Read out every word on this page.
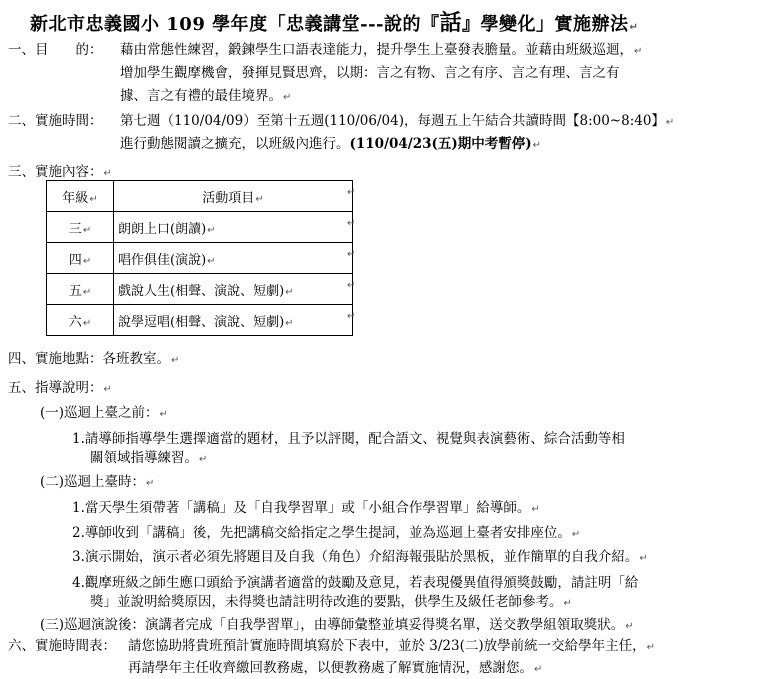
新北市忠義國小 109 學年度「忠義講堂---說的『話』學變化」實施辦法↵
一、目　　的： 藉由常態性練習，鍛鍊學生口語表達能力，提升學生上臺發表膽量。並藉由班級巡迴，↵
增加學生觀摩機會，發揮見賢思齊，以期：言之有物、言之有序、言之有理、言之有
據、言之有禮的最佳境界。↵
二、實施時間： 第七週（110/04/09）至第十五週(110/06/04)，每週五上午結合共讀時間【8:00~8:40】↵
進行動態閱讀之擴充，以班級內進行。(110/04/23(五)期中考暫停)↵
三、實施內容：↵
年級↵	活動項目↵
三↵	朗朗上口(朗讀)↵
四↵	唱作俱佳(演說)↵
五↵	戲說人生(相聲、演說、短劇)↵
六↵	說學逗唱(相聲、演說、短劇)↵
↵
↵
↵
↵
↵
四、實施地點：各班教室。↵
五、指導說明：↵
(一)巡迴上臺之前：↵
1.請導師指導學生選擇適當的題材，且予以評閱，配合語文、視覺與表演藝術、綜合活動等相
關領域指導練習。↵
(二)巡迴上臺時：↵
1.當天學生須帶著「講稿」及「自我學習單」或「小組合作學習單」給導師。↵
2.導師收到「講稿」後，先把講稿交給指定之學生提詞，並為巡迴上臺者安排座位。↵
3.演示開始，演示者必須先將題目及自我（角色）介紹海報張貼於黑板，並作簡單的自我介紹。↵
4.觀摩班級之師生應口頭給予演講者適當的鼓勵及意見，若表現優異值得頒獎鼓勵，請註明「給
獎」並說明給獎原因，未得獎也請註明待改進的要點，供學生及級任老師參考。↵
(三)巡迴演說後：演講者完成「自我學習單」，由導師彙整並填妥得獎名單，送交教學組領取獎狀。↵
六、實施時間表： 請您協助將貴班預計實施時間填寫於下表中，並於 3/23(二)放學前統一交給學年主任，↵
再請學年主任收齊繳回教務處，以便教務處了解實施情況，感謝您。↵
